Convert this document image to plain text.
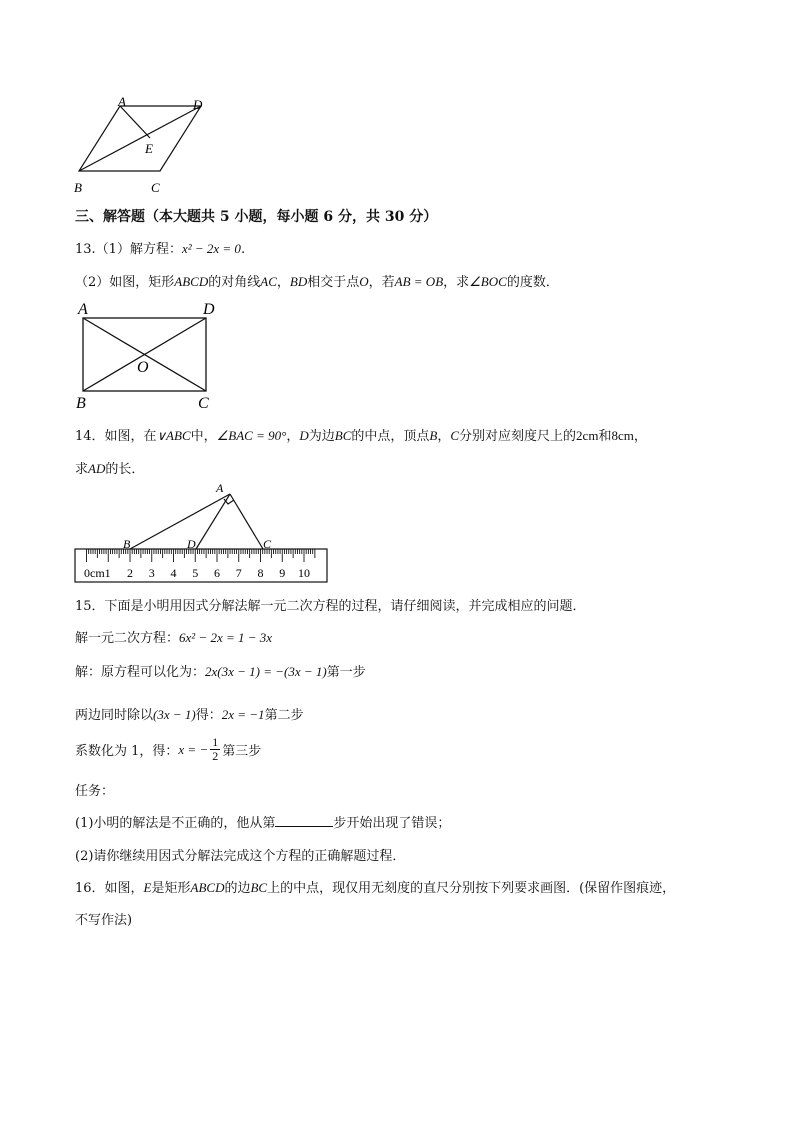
A	D
E
B	C
三、解答题（本大题共 5 小题，每小题 6 分，共 30 分）
13.（1）解方程：x² − 2x = 0.
（2）如图，矩形ABCD的对角线AC，BD相交于点O，若AB = OB，求∠BOC的度数．
A	D
O
B	C
14．如图，在∨ABC中，∠BAC = 90°，D为边BC的中点，顶点B，C分别对应刻度尺上的2cm和8cm，
求AD的长．
A
B	D	C
0cm1 2 3 4 5 6 7 8 9 10
15．下面是小明用因式分解法解一元二次方程的过程，请仔细阅读，并完成相应的问题．
解一元二次方程：6x² − 2x = 1 − 3x
解：原方程可以化为：2x(3x − 1) = −(3x − 1)第一步
两边同时除以(3x − 1)得：2x = −1第二步
系数化为 1，得： x = − $\frac{1}{2}$ 第三步
任务：
(1)小明的解法是不正确的，他从第	步开始出现了错误；
(2)请你继续用因式分解法完成这个方程的正确解题过程．
16．如图，E是矩形ABCD的边BC上的中点，现仅用无刻度的直尺分别按下列要求画图．(保留作图痕迹，
不写作法)
